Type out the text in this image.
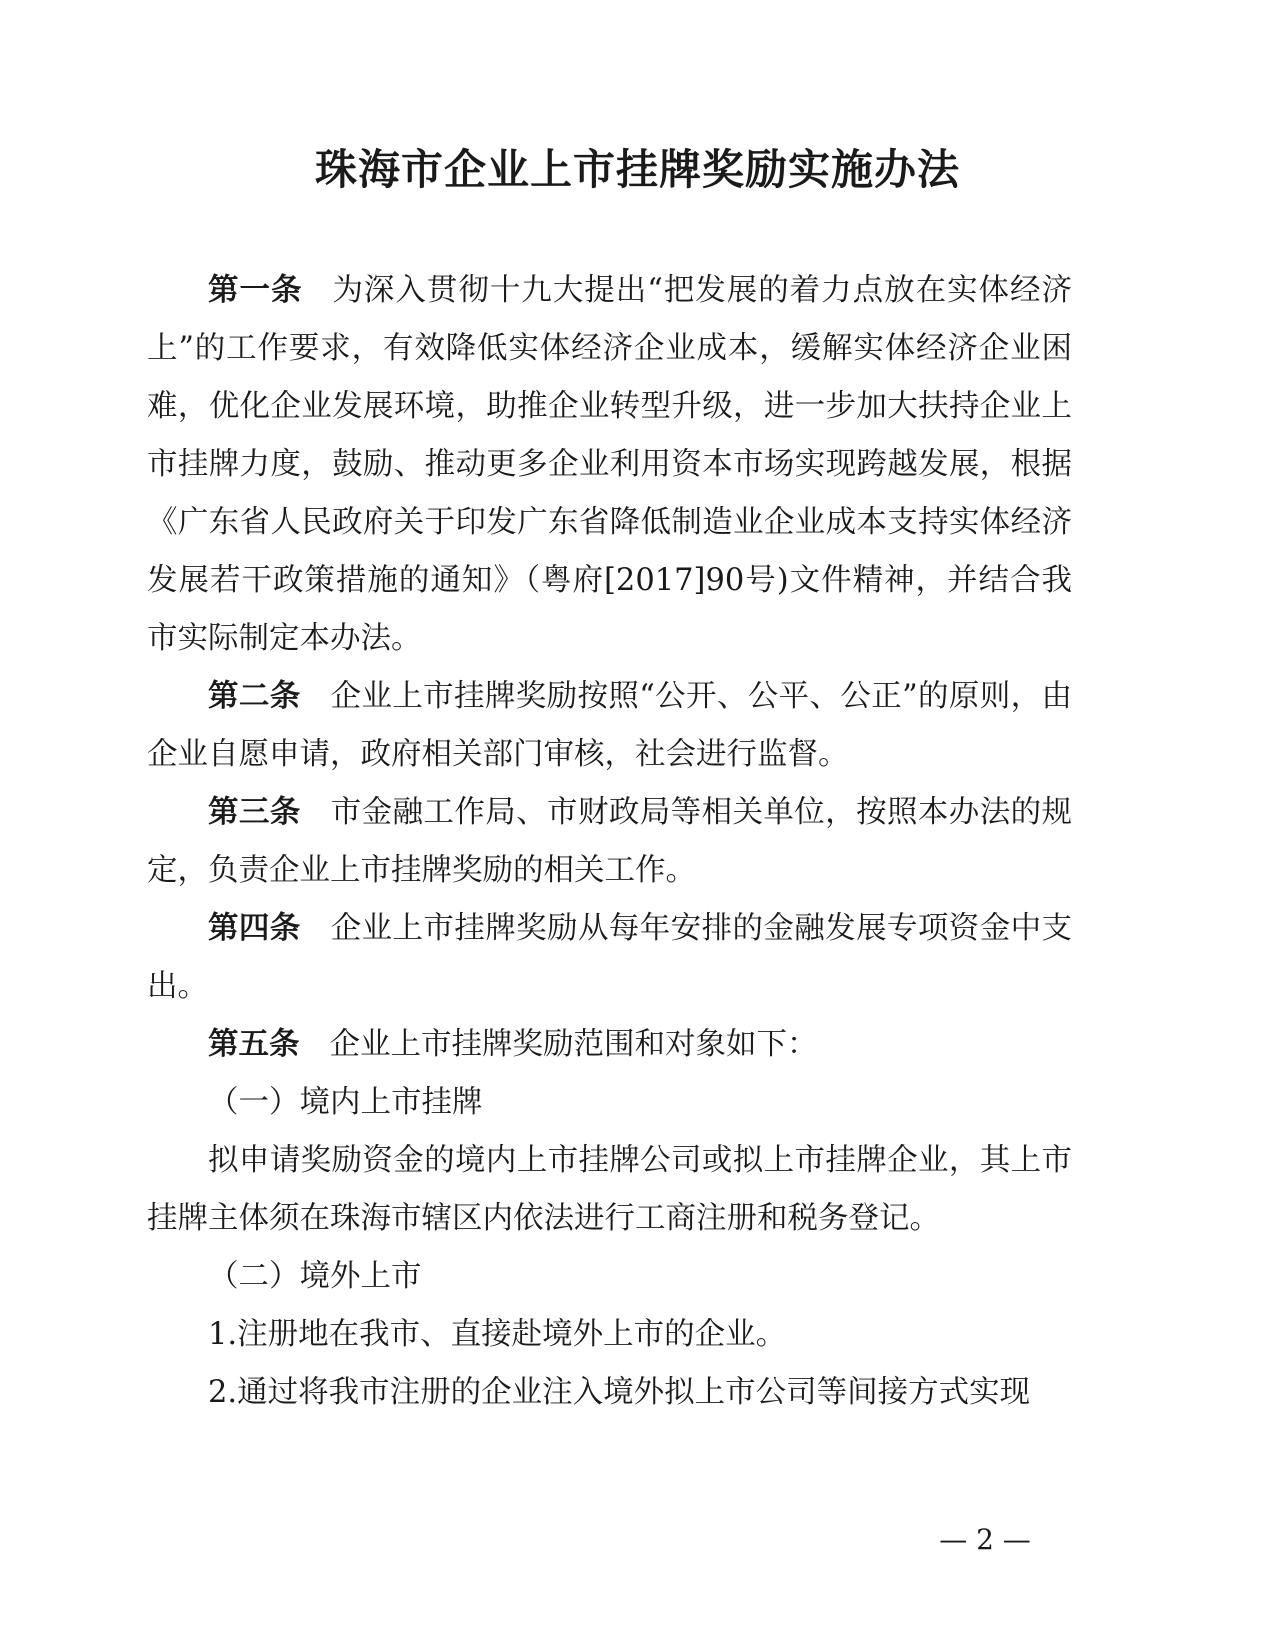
珠海市企业上市挂牌奖励实施办法

第一条 为深入贯彻十九大提出“把发展的着力点放在实体经济上”的工作要求，有效降低实体经济企业成本，缓解实体经济企业困难，优化企业发展环境，助推企业转型升级，进一步加大扶持企业上市挂牌力度，鼓励、推动更多企业利用资本市场实现跨越发展，根据《广东省人民政府关于印发广东省降低制造业企业成本支持实体经济发展若干政策措施的通知》（粤府[2017]90号)文件精神，并结合我市实际制定本办法。

第二条 企业上市挂牌奖励按照“公开、公平、公正”的原则，由企业自愿申请，政府相关部门审核，社会进行监督。

第三条 市金融工作局、市财政局等相关单位，按照本办法的规定，负责企业上市挂牌奖励的相关工作。

第四条 企业上市挂牌奖励从每年安排的金融发展专项资金中支出。

第五条 企业上市挂牌奖励范围和对象如下：

（一）境内上市挂牌

拟申请奖励资金的境内上市挂牌公司或拟上市挂牌企业，其上市挂牌主体须在珠海市辖区内依法进行工商注册和税务登记。

（二）境外上市

1.注册地在我市、直接赴境外上市的企业。

2.通过将我市注册的企业注入境外拟上市公司等间接方式实现

— 2 —
